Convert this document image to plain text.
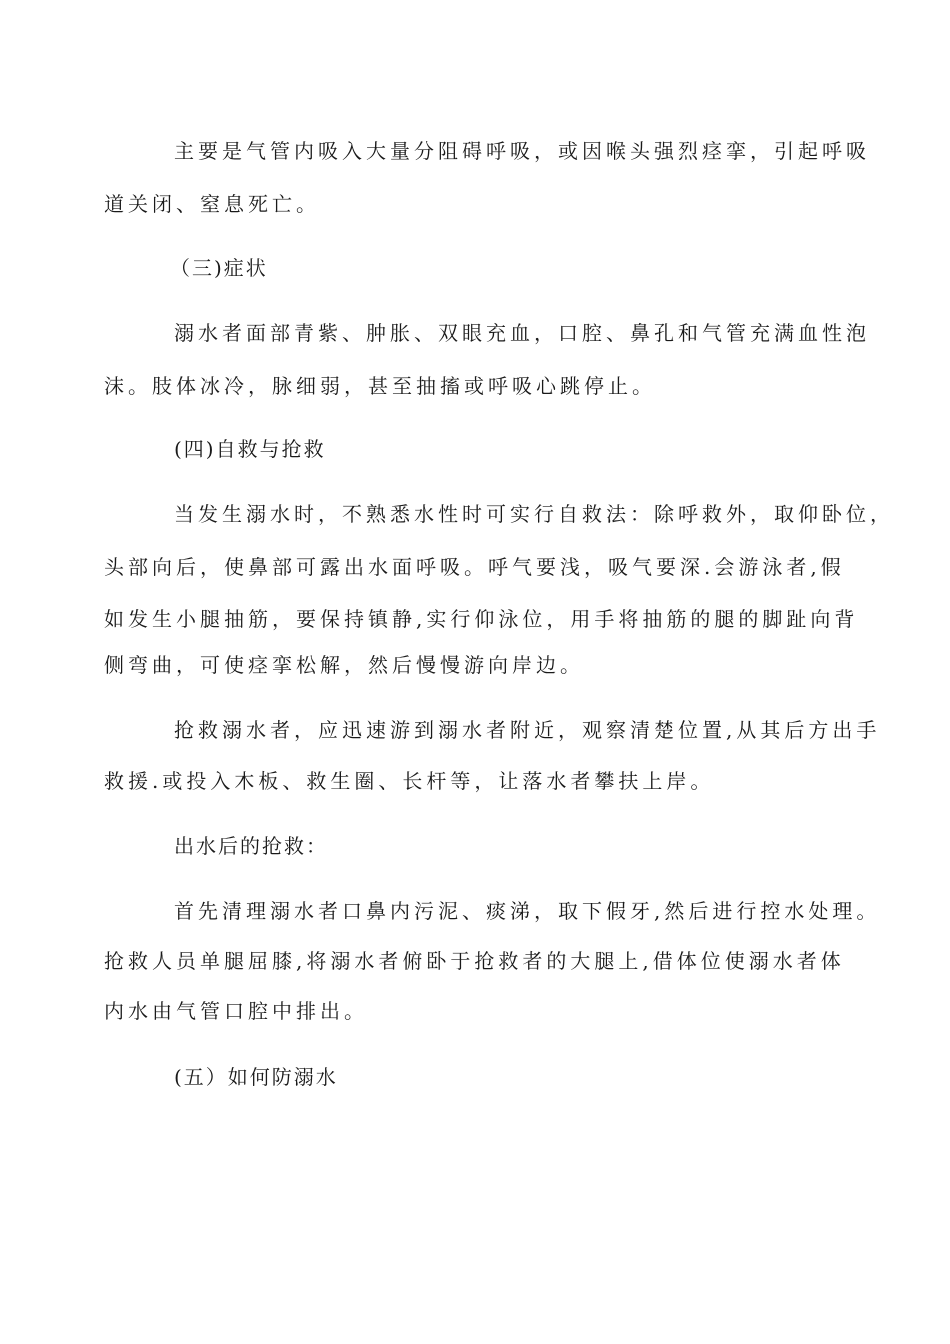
主要是气管内吸入大量分阻碍呼吸，或因喉头强烈痉挛，引起呼吸
道关闭、窒息死亡。
（三)症状
溺水者面部青紫、肿胀、双眼充血，口腔、鼻孔和气管充满血性泡
沫。肢体冰冷，脉细弱，甚至抽搐或呼吸心跳停止。
(四)自救与抢救
当发生溺水时，不熟悉水性时可实行自救法：除呼救外，取仰卧位，
头部向后，使鼻部可露出水面呼吸。呼气要浅，吸气要深.会游泳者,假
如发生小腿抽筋，要保持镇静,实行仰泳位，用手将抽筋的腿的脚趾向背
侧弯曲，可使痉挛松解，然后慢慢游向岸边。
抢救溺水者，应迅速游到溺水者附近，观察清楚位置,从其后方出手
救援.或投入木板、救生圈、长杆等，让落水者攀扶上岸。
出水后的抢救：
首先清理溺水者口鼻内污泥、痰涕，取下假牙,然后进行控水处理。
抢救人员单腿屈膝,将溺水者俯卧于抢救者的大腿上,借体位使溺水者体
内水由气管口腔中排出。
(五）如何防溺水
